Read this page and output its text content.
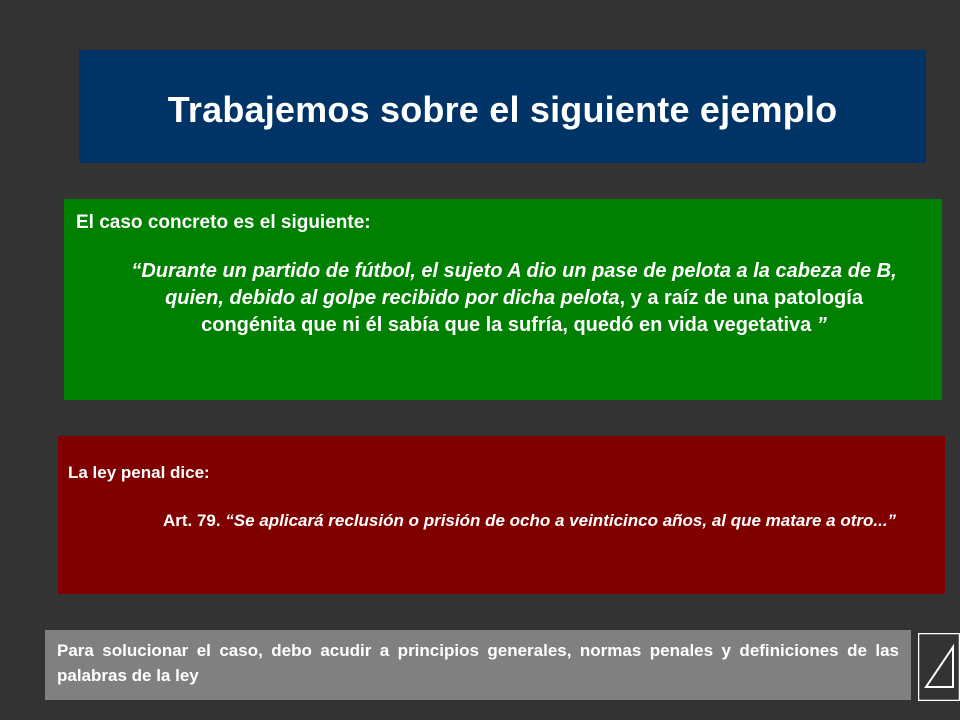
Trabajemos sobre el siguiente ejemplo
El caso concreto es el siguiente:
“Durante un partido de fútbol, el sujeto A dio un pase de pelota a la cabeza de B, quien, debido al golpe recibido por dicha pelota, y a raíz de una patología congénita que ni él sabía que la sufría, quedó en vida vegetativa ”
La ley penal dice:
Art. 79. “Se aplicará reclusión o prisión de ocho a veinticinco años, al que matare a otro...”
Para solucionar el caso, debo acudir a principios generales, normas penales y definiciones de las palabras de la ley
